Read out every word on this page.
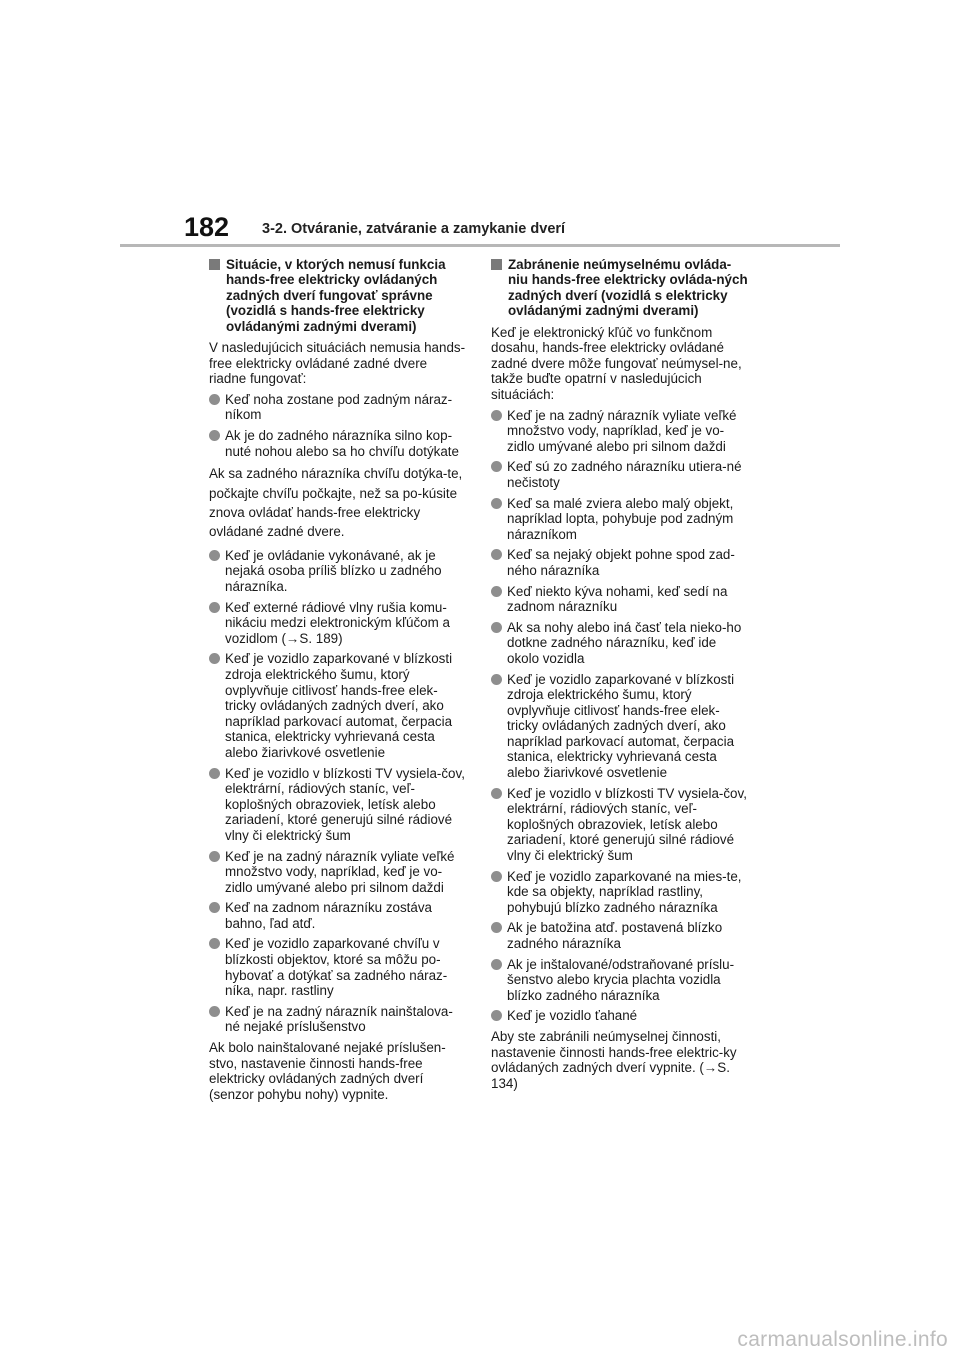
182 3-2. Otváranie, zatváranie a zamykanie dverí
Situácie, v ktorých nemusí funkcia hands-free elektricky ovládaných zadných dverí fungovať správne (vozidlá s hands-free elektricky ovládanými zadnými dverami)

V nasledujúcich situáciách nemusia hands-free elektricky ovládané zadné dvere riadne fungovať:

Keď noha zostane pod zadným náraz-níkom
Ak je do zadného nárazníka silno kop-nuté nohou alebo sa ho chvíľu dotýkate

Ak sa zadného nárazníka chvíľu dotýka-te, počkajte chvíľu počkajte, než sa po-kúsite znova ovládať hands-free elektricky ovládané zadné dvere.

Keď je ovládanie vykonávané, ak je nejaká osoba príliš blízko u zadného nárazníka.
Keď externé rádiové vlny rušia komu-nikáciu medzi elektronickým kľúčom a vozidlom (→S. 189)
Keď je vozidlo zaparkované v blízkosti zdroja elektrického šumu, ktorý ovplyvňuje citlivosť hands-free elek-tricky ovládaných zadných dverí, ako napríklad parkovací automat, čerpacia stanica, elektricky vyhrievaná cesta alebo žiarivkové osvetlenie
Keď je vozidlo v blízkosti TV vysiela-čov, elektrární, rádiových staníc, veľ-koplošných obrazoviek, letísk alebo zariadení, ktoré generujú silné rádiové vlny či elektrický šum
Keď je na zadný nárazník vyliate veľké množstvo vody, napríklad, keď je vo-zidlo umývané alebo pri silnom daždi
Keď na zadnom nárazníku zostáva bahno, ľad atď.
Keď je vozidlo zaparkované chvíľu v blízkosti objektov, ktoré sa môžu po-hybovať a dotýkať sa zadného náraz-níka, napr. rastliny
Keď je na zadný nárazník nainštalova-né nejaké príslušenstvo

Ak bolo nainštalované nejaké príslušen-stvo, nastavenie činnosti hands-free elektricky ovládaných zadných dverí (senzor pohybu nohy) vypnite.

Zabránenie neúmyselnému ovláda-niu hands-free elektricky ovláda-ných zadných dverí (vozidlá s elektricky ovládanými zadnými dverami)

Keď je elektronický kľúč vo funkčnom dosahu, hands-free elektricky ovládané zadné dvere môže fungovať neúmysel-ne, takže buďte opatrní v nasledujúcich situáciách:

Keď je na zadný nárazník vyliate veľké množstvo vody, napríklad, keď je vo-zidlo umývané alebo pri silnom daždi
Keď sú zo zadného nárazníku utiera-né nečistoty
Keď sa malé zviera alebo malý objekt, napríklad lopta, pohybuje pod zadným nárazníkom
Keď sa nejaký objekt pohne spod zad-ného nárazníka
Keď niekto kýva nohami, keď sedí na zadnom nárazníku
Ak sa nohy alebo iná časť tela nieko-ho dotkne zadného nárazníku, keď ide okolo vozidla
Keď je vozidlo zaparkované v blízkosti zdroja elektrického šumu, ktorý ovplyvňuje citlivosť hands-free elek-tricky ovládaných zadných dverí, ako napríklad parkovací automat, čerpacia stanica, elektricky vyhrievaná cesta alebo žiarivkové osvetlenie
Keď je vozidlo v blízkosti TV vysiela-čov, elektrární, rádiových staníc, veľ-koplošných obrazoviek, letísk alebo zariadení, ktoré generujú silné rádiové vlny či elektrický šum
Keď je vozidlo zaparkované na mies-te, kde sa objekty, napríklad rastliny, pohybujú blízko zadného nárazníka
Ak je batožina atď. postavená blízko zadného nárazníka
Ak je inštalované/odstraňované príslu-šenstvo alebo krycia plachta vozidla blízko zadného nárazníka
Keď je vozidlo ťahané

Aby ste zabránili neúmyselnej činnosti, nastavenie činnosti hands-free elektric-ky ovládaných zadných dverí vypnite. (→S. 134)

carmanualsonline.info
